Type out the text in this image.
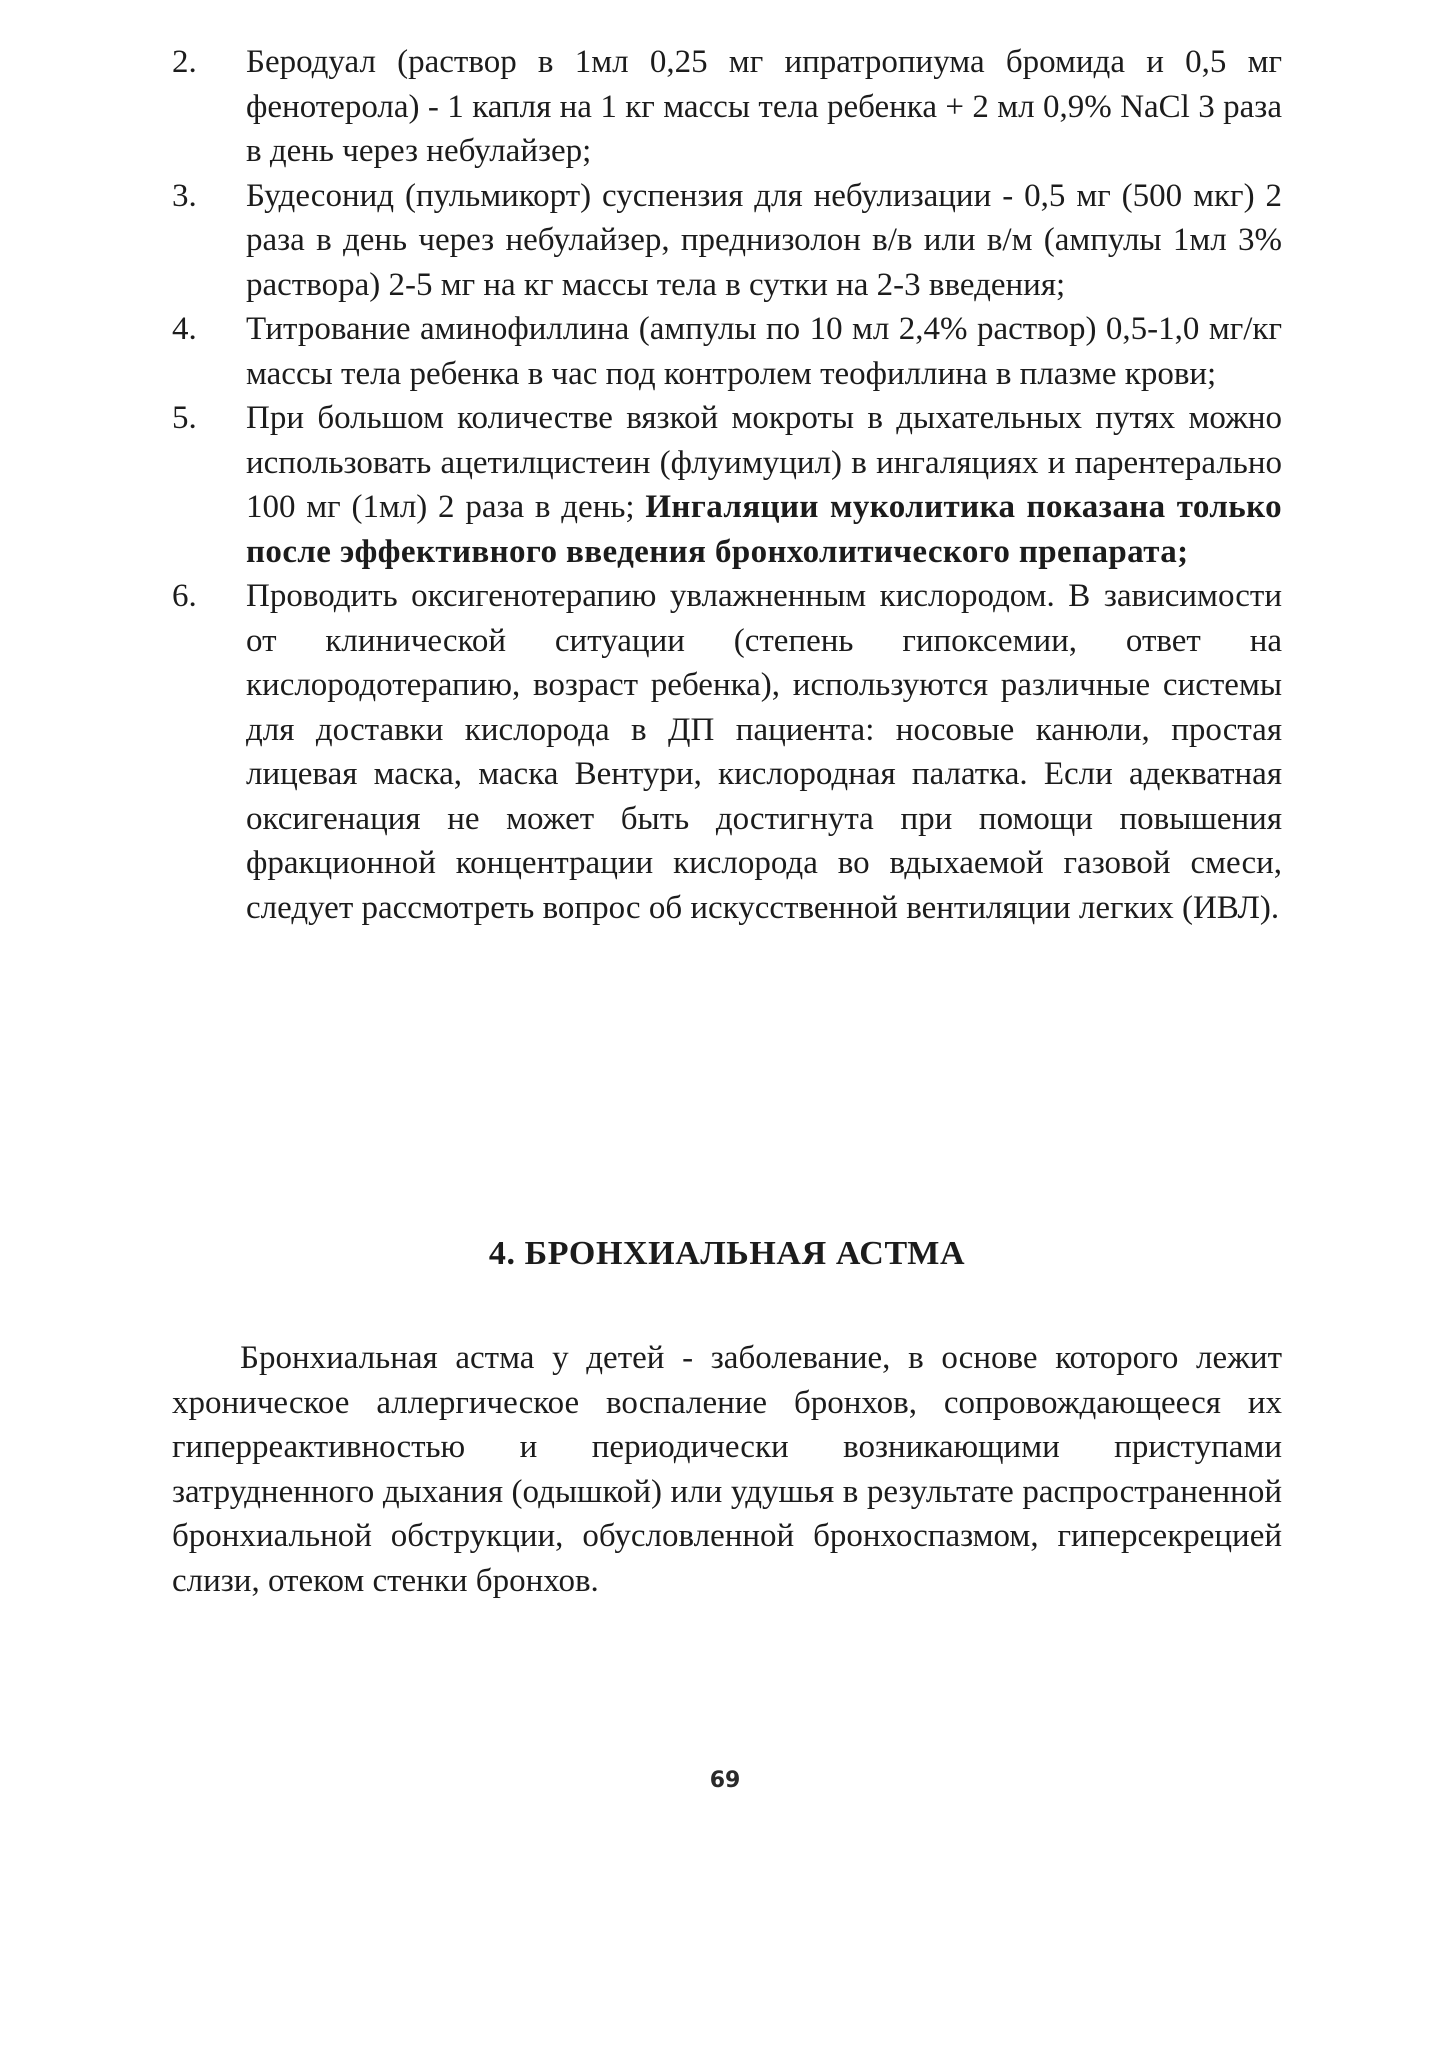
2.	Беродуал (раствор в 1мл 0,25 мг ипратропиума бромида и 0,5 мг фенотерола) - 1 капля на 1 кг массы тела ребенка + 2 мл 0,9% NaCl 3 раза в день через небулайзер;
3.	Будесонид (пульмикорт) суспензия для небулизации - 0,5 мг (500 мкг) 2 раза в день через небулайзер, преднизолон в/в или в/м (ампулы 1мл 3% раствора) 2-5 мг на кг массы тела в сутки на 2-3 введения;
4.	Титрование аминофиллина (ампулы по 10 мл 2,4% раствор) 0,5-1,0 мг/кг массы тела ребенка в час под контролем теофиллина в плазме крови;
5.	При большом количестве вязкой мокроты в дыхательных путях можно использовать ацетилцистеин (флуимуцил) в ингаляциях и парентерально 100 мг (1мл) 2 раза в день; Ингаляции муколитика показана только после эффективного введения бронхолитического препарата;
6.	Проводить оксигенотерапию увлажненным кислородом. В зависимости от клинической ситуации (степень гипоксемии, ответ на кислородотерапию, возраст ребенка), используются различные системы для доставки кислорода в ДП пациента: носовые канюли, простая лицевая маска, маска Вентури, кислородная палатка. Если адекватная оксигенация не может быть достигнута при помощи повышения фракционной концентрации кислорода во вдыхаемой газовой смеси, следует рассмотреть вопрос об искусственной вентиляции легких (ИВЛ).
4. БРОНХИАЛЬНАЯ АСТМА

Бронхиальная астма у детей - заболевание, в основе которого лежит хроническое аллергическое воспаление бронхов, сопровождающееся их гиперреактивностью и периодически возникающими приступами затрудненного дыхания (одышкой) или удушья в результате распространенной бронхиальной обструкции, обусловленной бронхоспазмом, гиперсекрецией слизи, отеком стенки бронхов.

69
